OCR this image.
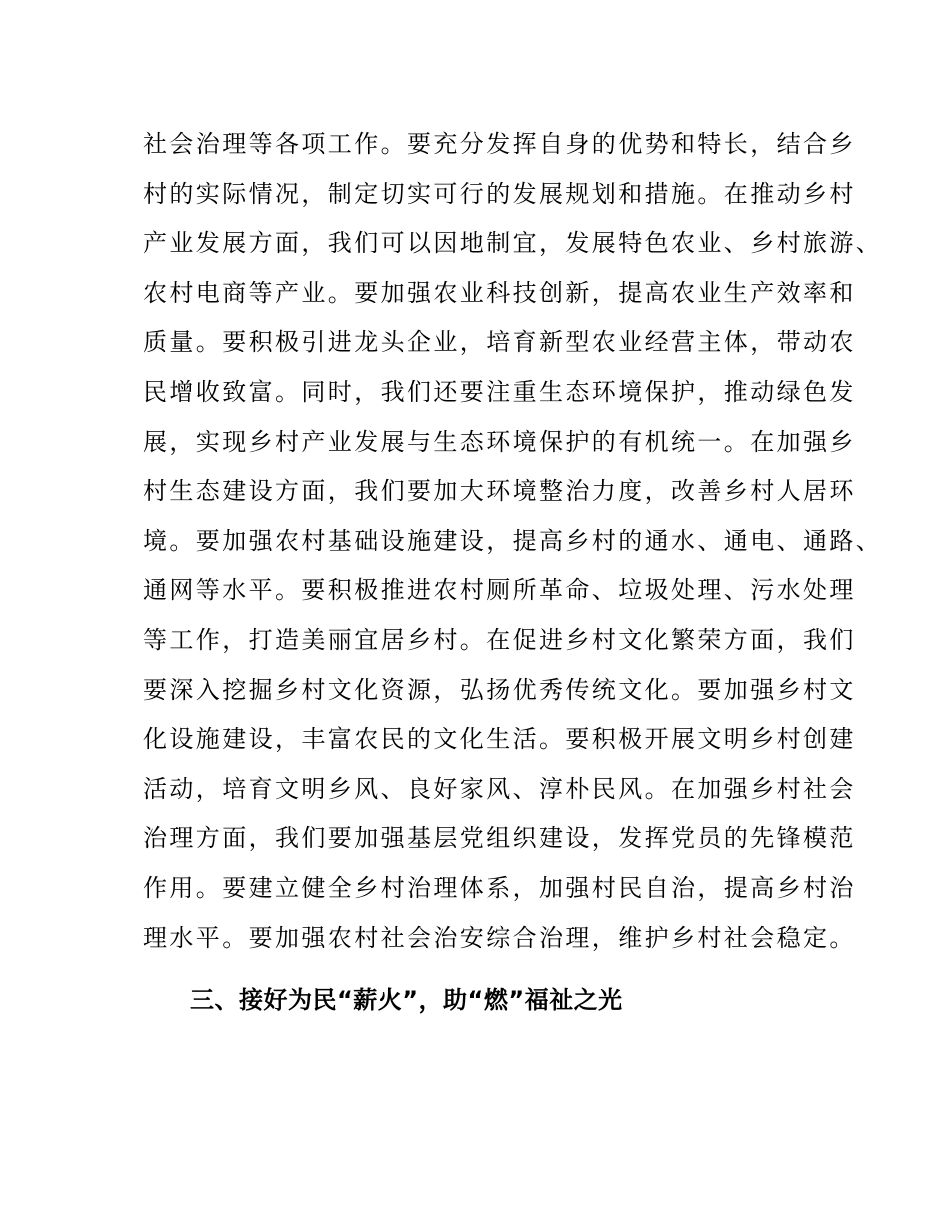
社会治理等各项工作。要充分发挥自身的优势和特长，结合乡
村的实际情况，制定切实可行的发展规划和措施。在推动乡村
产业发展方面，我们可以因地制宜，发展特色农业、乡村旅游、
农村电商等产业。要加强农业科技创新，提高农业生产效率和
质量。要积极引进龙头企业，培育新型农业经营主体，带动农
民增收致富。同时，我们还要注重生态环境保护，推动绿色发
展，实现乡村产业发展与生态环境保护的有机统一。在加强乡
村生态建设方面，我们要加大环境整治力度，改善乡村人居环
境。要加强农村基础设施建设，提高乡村的通水、通电、通路、
通网等水平。要积极推进农村厕所革命、垃圾处理、污水处理
等工作，打造美丽宜居乡村。在促进乡村文化繁荣方面，我们
要深入挖掘乡村文化资源，弘扬优秀传统文化。要加强乡村文
化设施建设，丰富农民的文化生活。要积极开展文明乡村创建
活动，培育文明乡风、良好家风、淳朴民风。在加强乡村社会
治理方面，我们要加强基层党组织建设，发挥党员的先锋模范
作用。要建立健全乡村治理体系，加强村民自治，提高乡村治
理水平。要加强农村社会治安综合治理，维护乡村社会稳定。
三、接好为民“薪火”，助“燃”福祉之光
